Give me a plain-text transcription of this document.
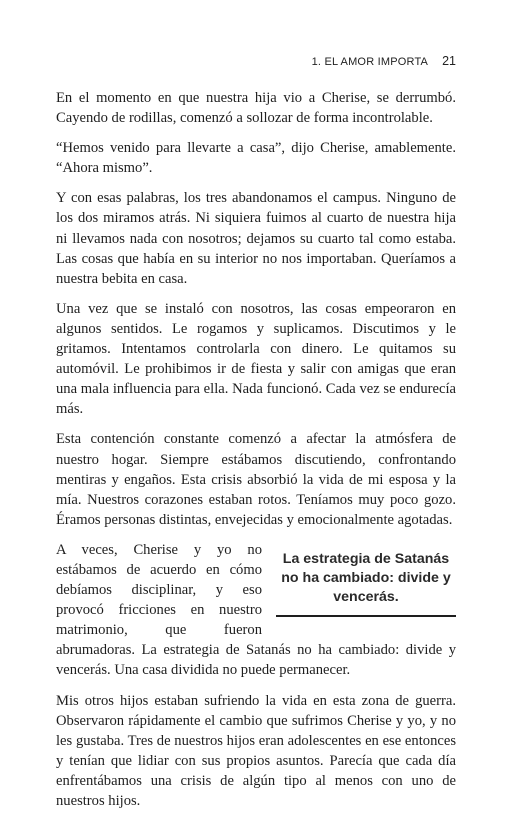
1. EL AMOR IMPORTA 21

En el momento en que nuestra hija vio a Cherise, se derrumbó. Cayendo de rodillas, comenzó a sollozar de forma incontrolable.

“Hemos venido para llevarte a casa”, dijo Cherise, amablemente. “Ahora mismo”.

Y con esas palabras, los tres abandonamos el campus. Ninguno de los dos miramos atrás. Ni siquiera fuimos al cuarto de nuestra hija ni llevamos nada con nosotros; dejamos su cuarto tal como estaba. Las cosas que había en su interior no nos importaban. Queríamos a nuestra bebita en casa.

Una vez que se instaló con nosotros, las cosas empeoraron en algunos sentidos. Le rogamos y suplicamos. Discutimos y le gritamos. Intentamos controlarla con dinero. Le quitamos su automóvil. Le prohibimos ir de fiesta y salir con amigas que eran una mala influencia para ella. Nada funcionó. Cada vez se endurecía más.

Esta contención constante comenzó a afectar la atmósfera de nuestro hogar. Siempre estábamos discutiendo, confrontando mentiras y engaños. Esta crisis absorbió la vida de mi esposa y la mía. Nuestros corazones estaban rotos. Teníamos muy poco gozo. Éramos personas distintas, envejecidas y emocionalmente agotadas.

La estrategia de Satanás no ha cambiado: divide y vencerás.

A veces, Cherise y yo no estábamos de acuerdo en cómo debíamos disciplinar, y eso provocó fricciones en nuestro matrimonio, que fueron abrumadoras. La estrategia de Satanás no ha cambiado: divide y vencerás. Una casa dividida no puede permanecer.

Mis otros hijos estaban sufriendo la vida en esta zona de guerra. Observaron rápidamente el cambio que sufrimos Cherise y yo, y no les gustaba. Tres de nuestros hijos eran adolescentes en ese entonces y tenían que lidiar con sus propios asuntos. Parecía que cada día enfrentábamos una crisis de algún tipo al menos con uno de nuestros hijos.
